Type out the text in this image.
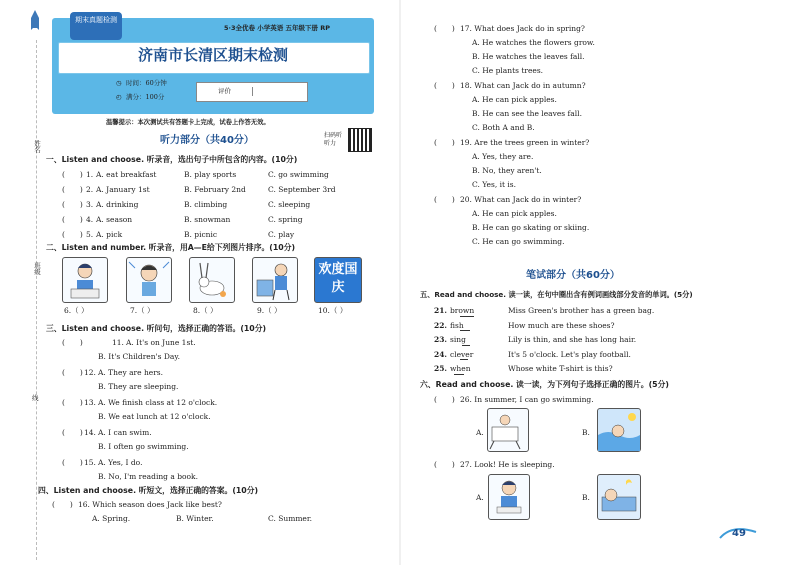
姓名
班级
线
期末真题检测
5·3全优卷 小学英语 五年级下册 RP
济南市长清区期末检测
◷ 时间：60分钟
◴ 满分：100分
评价
温馨提示：本次测试共有答题卡上完成，试卷上作答无效。
听力部分（共40分）	扫码听听力
一、Listen and choose. 听录音，选出句子中所包含的内容。(10分)
(　　) 1. A. eat breakfast	B. play sports	C. go swimming
(　　) 2. A. January 1st	B. February 2nd	C. September 3rd
(　　) 3. A. drinking	B. climbing	C. sleeping
(　　) 4. A. season	B. snowman	C. spring
(　　) 5. A. pick	B. picnic	C. play
二、Listen and number. 听录音，用A—E给下列图片排序。(10分)
欢度国庆
6.（ ）	7.（ ）	8.（ ）	9.（ ）	10.（ ）
三、Listen and choose. 听问句，选择正确的答语。(10分)
(　　)	11. A. It's on June 1st.
B. It's Children's Day.
(　　) 12. A. They are hers.
B. They are sleeping.
(　　) 13. A. We finish class at 12 o'clock.
B. We eat lunch at 12 o'clock.
(　　) 14. A. I can swim.
B. I often go swimming.
(　　) 15. A. Yes, I do.
B. No, I'm reading a book.
四、Listen and choose. 听短文，选择正确的答案。(10分)
(　　) 16. Which season does Jack like best?
A. Spring.	B. Winter.	C. Summer.
(　　) 17. What does Jack do in spring?
A. He watches the flowers grow.
B. He watches the leaves fall.
C. He plants trees.
(　　) 18. What can Jack do in autumn?
A. He can pick apples.
B. He can see the leaves fall.
C. Both A and B.
(　　) 19. Are the trees green in winter?
A. Yes, they are.
B. No, they aren't.
C. Yes, it is.
(　　) 20. What can Jack do in winter?
A. He can pick apples.
B. He can go skating or skiing.
C. He can go swimming.
笔试部分（共60分）
五、Read and choose. 读一读，在句中圈出含有例词画线部分发音的单词。(5分)
21. brown	Miss Green's brother has a green bag.
22. fish	How much are these shoes?
23. sing	Lily is thin, and she has long hair.
24. clever	It's 5 o'clock. Let's play football.
25. when	Whose white T-shirt is this?
六、Read and choose. 读一读，为下列句子选择正确的图片。(5分)
(　　) 26. In summer, I can go swimming.
A.	B.
(　　) 27. Look! He is sleeping.
A.	B.
49
